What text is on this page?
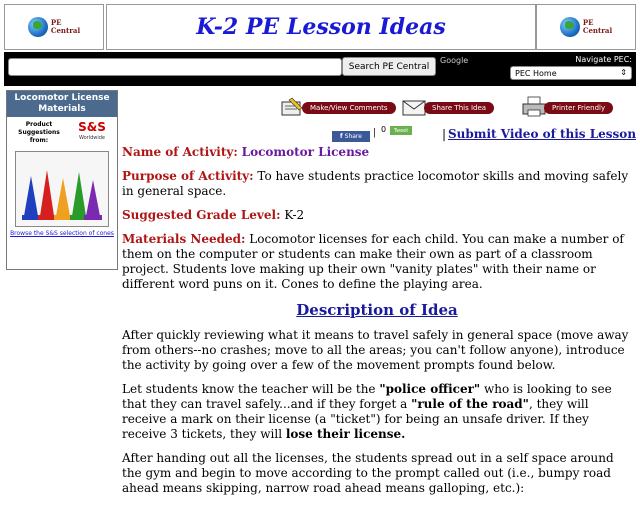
PE
Central	K-2 PE Lesson Ideas	PE
Central
Search PE Central
Google	Navigate PEC:
PEC Home	⇕
Locomotor License Materials
Product
Suggestions
from:
S&S
Worldwide
Browse the S&S selection of cones
Make/View Comments	Share This Idea	Printer Friendly
f Share | 0	Tweet	| Submit Video of this Lesson

Name of Activity: Locomotor License

Purpose of Activity: To have students practice locomotor skills and moving safely in general space.

Suggested Grade Level: K-2

Materials Needed: Locomotor licenses for each child. You can make a number of them on the computer or students can make their own as part of a classroom project. Students love making up their own "vanity plates" with their name or different word puns on it. Cones to define the playing area.

Description of Idea

After quickly reviewing what it means to travel safely in general space (move away from others--no crashes; move to all the areas; you can't follow anyone), introduce the activity by going over a few of the movement prompts found below.

Let students know the teacher will be the "police officer" who is looking to see that they can travel safely...and if they forget a "rule of the road", they will receive a mark on their license (a "ticket") for being an unsafe driver. If they receive 3 tickets, they will lose their license.

After handing out all the licenses, the students spread out in a self space around the gym and begin to move according to the prompt called out (i.e., bumpy road ahead means skipping, narrow road ahead means galloping, etc.):
